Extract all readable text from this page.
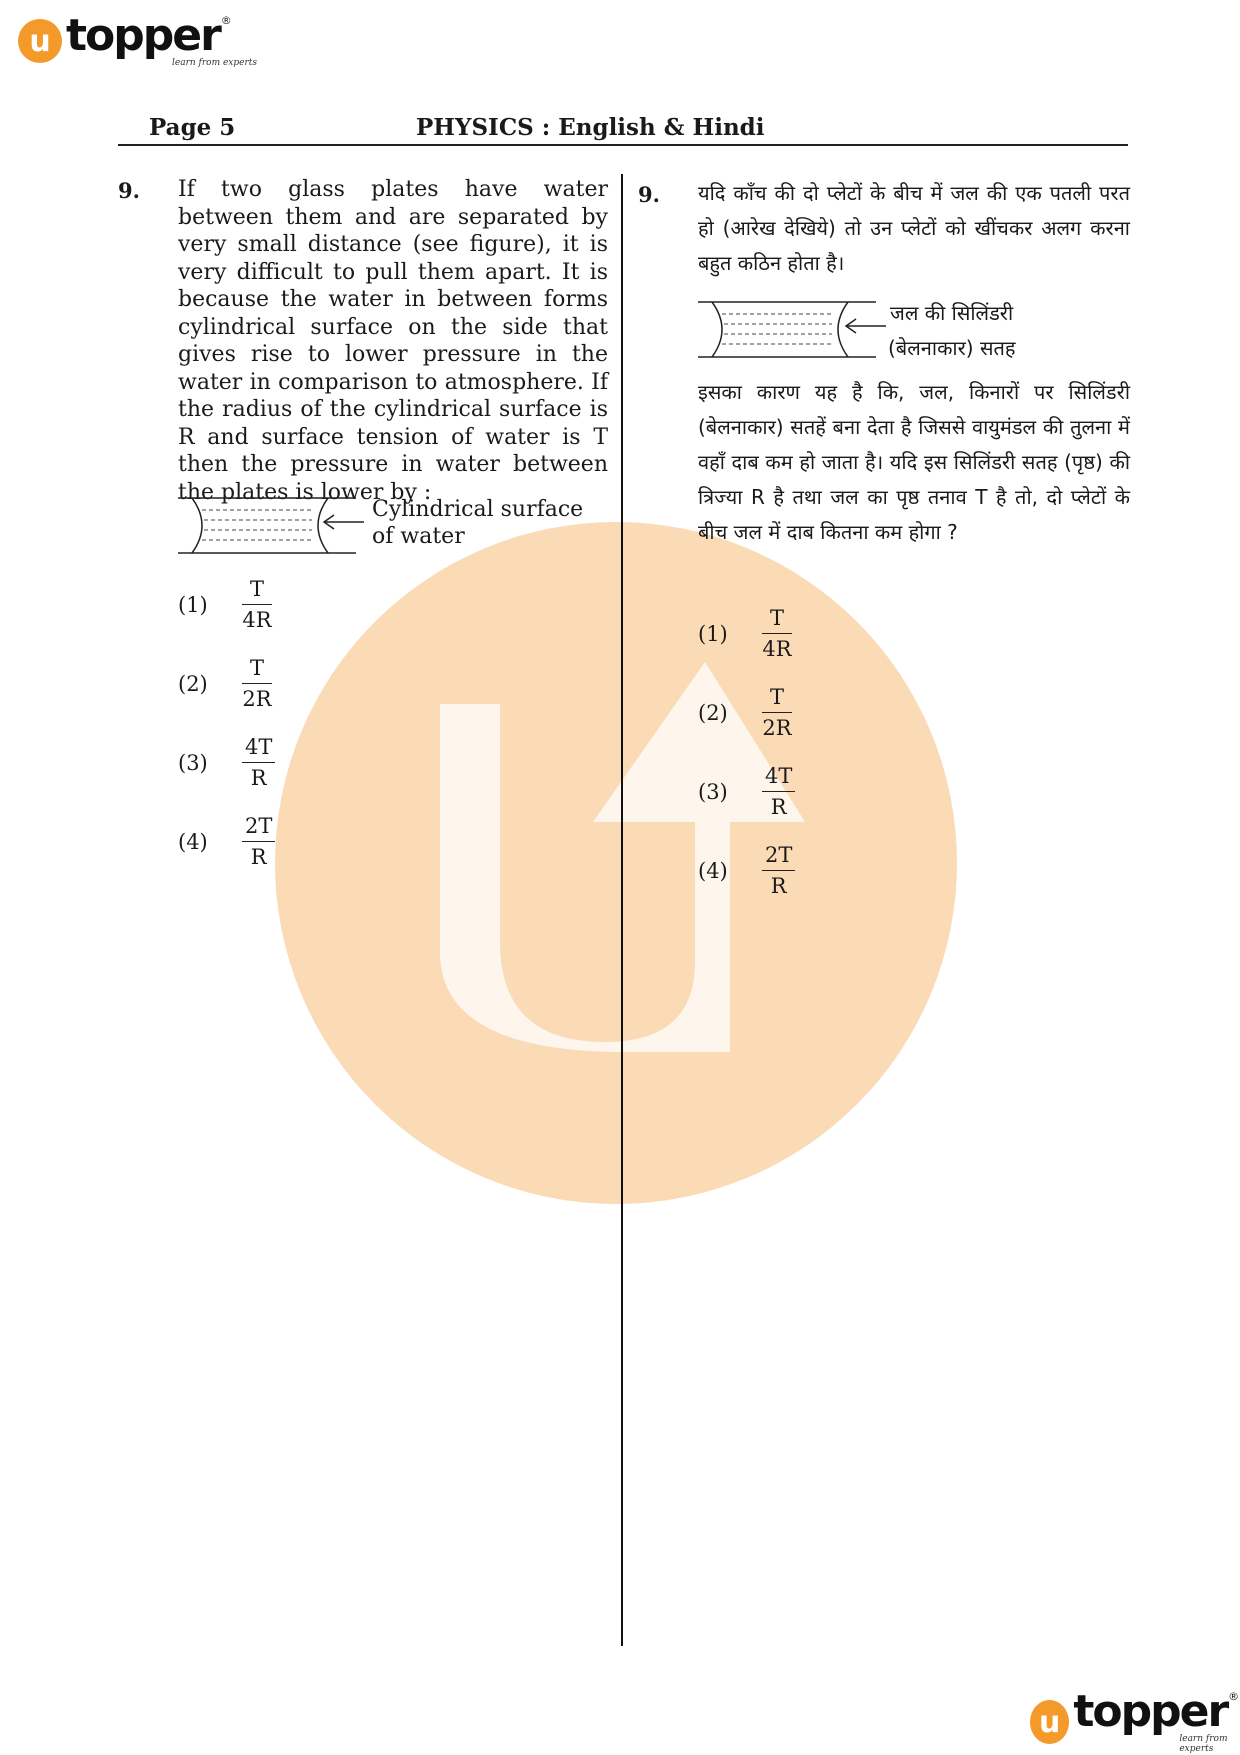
u topper ®
learn from experts
Page 5	PHYSICS : English & Hindi
9. If two glass plates have water between them and are separated by very small distance (see figure), it is very difficult to pull them apart. It is because the water in between forms cylindrical surface on the side that gives rise to lower pressure in the water in comparison to atmosphere. If the radius of the cylindrical surface is R and surface tension of water is T then the pressure in water between the plates is lower by :
Cylindrical surface
of water
(1)	$\frac{T}{4R}$
(2)	$\frac{T}{2R}$
(3)	$\frac{4T}{R}$
(4)	$\frac{2T}{R}$
9. यदि काँच की दो प्लेटों के बीच में जल की एक पतली परत हो (आरेख देखिये) तो उन प्लेटों को खींचकर अलग करना बहुत कठिन होता है।
जल की सिलिंडरी
(बेलनाकार) सतह
इसका कारण यह है कि, जल, किनारों पर सिलिंडरी (बेलनाकार) सतहें बना देता है जिससे वायुमंडल की तुलना में वहाँ दाब कम हो जाता है। यदि इस सिलिंडरी सतह (पृष्ठ) की त्रिज्या R है तथा जल का पृष्ठ तनाव T है तो, दो प्लेटों के बीच जल में दाब कितना कम होगा ?
(1)	$\frac{T}{4R}$
(2)	$\frac{T}{2R}$
(3)	$\frac{4T}{R}$
(4)	$\frac{2T}{R}$
u topper ®
learn from experts
